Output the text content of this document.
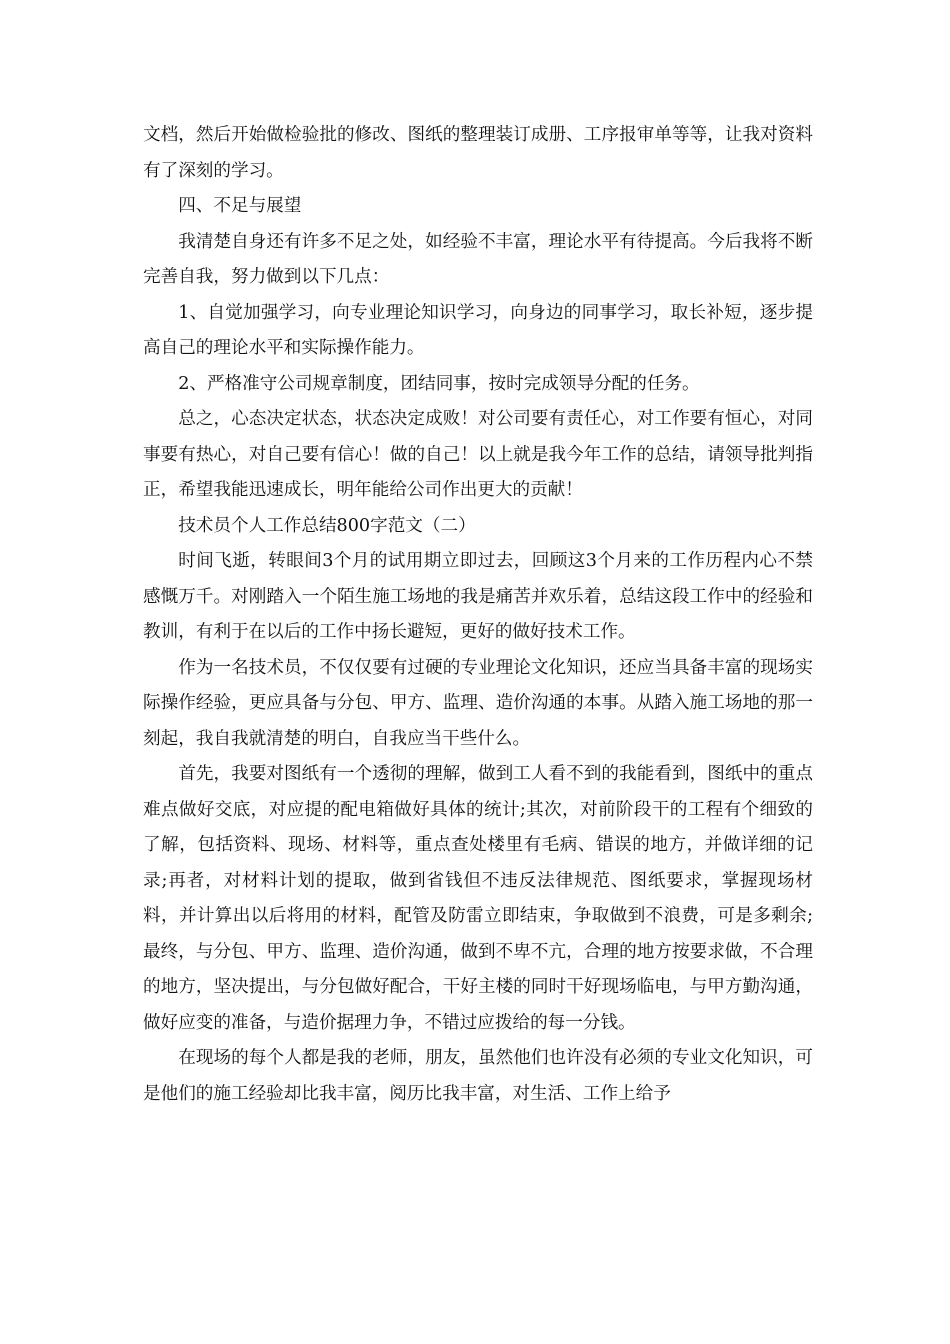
文档，然后开始做检验批的修改、图纸的整理装订成册、工序报审单等等，让我对资料有了深刻的学习。

四、不足与展望

我清楚自身还有许多不足之处，如经验不丰富，理论水平有待提高。今后我将不断完善自我，努力做到以下几点：

1、自觉加强学习，向专业理论知识学习，向身边的同事学习，取长补短，逐步提高自己的理论水平和实际操作能力。

2、严格准守公司规章制度，团结同事，按时完成领导分配的任务。

总之，心态决定状态，状态决定成败！对公司要有责任心，对工作要有恒心，对同事要有热心，对自己要有信心！做的自己！以上就是我今年工作的总结，请领导批判指正，希望我能迅速成长，明年能给公司作出更大的贡献！

技术员个人工作总结800字范文（二）

时间飞逝，转眼间3个月的试用期立即过去，回顾这3个月来的工作历程内心不禁感慨万千。对刚踏入一个陌生施工场地的我是痛苦并欢乐着，总结这段工作中的经验和教训，有利于在以后的工作中扬长避短，更好的做好技术工作。

作为一名技术员，不仅仅要有过硬的专业理论文化知识，还应当具备丰富的现场实际操作经验，更应具备与分包、甲方、监理、造价沟通的本事。从踏入施工场地的那一刻起，我自我就清楚的明白，自我应当干些什么。

首先，我要对图纸有一个透彻的理解，做到工人看不到的我能看到，图纸中的重点难点做好交底，对应提的配电箱做好具体的统计;其次，对前阶段干的工程有个细致的了解，包括资料、现场、材料等，重点查处楼里有毛病、错误的地方，并做详细的记录;再者，对材料计划的提取，做到省钱但不违反法律规范、图纸要求，掌握现场材料，并计算出以后将用的材料，配管及防雷立即结束，争取做到不浪费，可是多剩余;最终，与分包、甲方、监理、造价沟通，做到不卑不亢，合理的地方按要求做，不合理的地方，坚决提出，与分包做好配合，干好主楼的同时干好现场临电，与甲方勤沟通，做好应变的准备，与造价据理力争，不错过应拨给的每一分钱。

在现场的每个人都是我的老师，朋友，虽然他们也许没有必须的专业文化知识，可是他们的施工经验却比我丰富，阅历比我丰富，对生活、工作上给予
